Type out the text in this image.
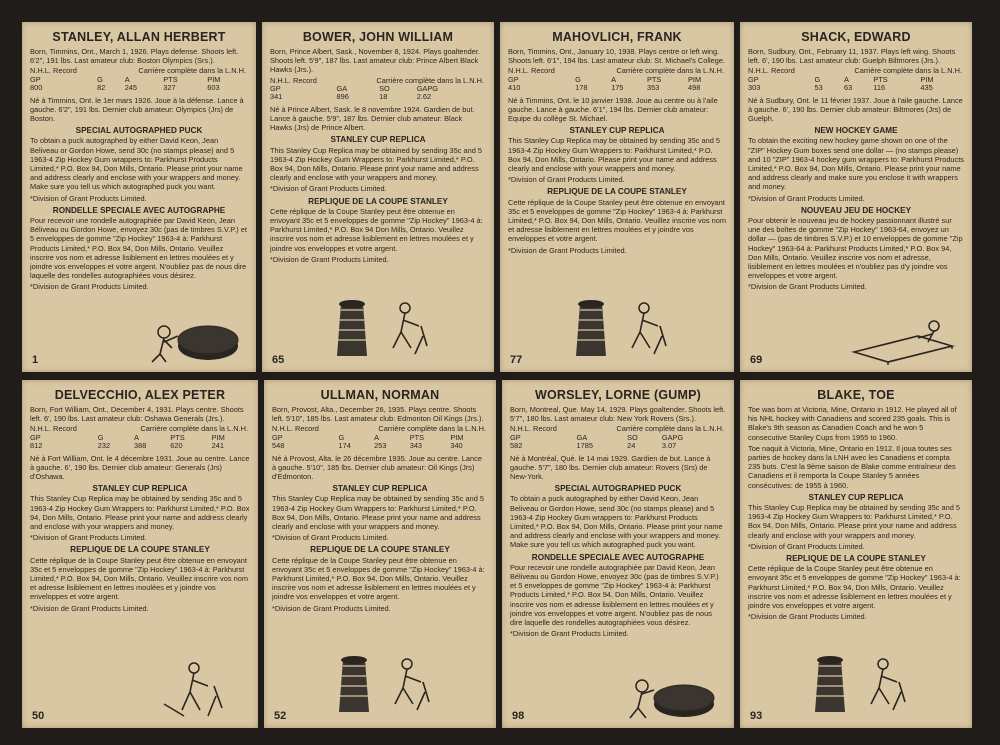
STANLEY, ALLAN HERBERT
Born, Timmins, Ont., March 1, 1926. Plays defense. Shoots left. 6'2", 191 lbs. Last amateur club: Boston Olympics (Srs.).
N.H.L. Record	Carrière complète dans la L.N.H.			
GP	G	A	PTS	PIM
800	82	245	327	603
Né à Timmins, Ont. le 1er mars 1926. Joue à la défense. Lance à gauche. 6'2", 191 lbs. Dernier club amateur: Olympics (Jrs) de Boston.
SPECIAL AUTOGRAPHED PUCK
To obtain a puck autographed by either David Keon, Jean Beliveau or Gordon Howe, send 30c (no stamps please) and 5 1963-4 Zip Hockey Gum wrappers to: Parkhurst Products Limited,* P.O. Box 94, Don Mills, Ontario. Please print your name and address clearly and enclose with your wrappers and money. Make sure you tell us which autographed puck you want.
*Division of Grant Products Limited.
RONDELLE SPECIALE AVEC AUTOGRAPHE
Pour recevoir une rondelle autographiée par David Keon, Jean Béliveau ou Gordon Howe, envoyez 30c (pas de timbres S.V.P.) et 5 enveloppes de gomme "Zip Hockey" 1963-4 à: Parkhurst Products Limited,* P.O. Box 94, Don Mills, Ontario. Veuillez inscrire vos nom et adresse lisiblement en lettres moulées et y joindre vos enveloppes et votre argent. N'oubliez pas de nous dire laquelle des rondelles autographiées vous désirez.
*Division de Grant Products Limited.
1
BOWER, JOHN WILLIAM
Born, Prince Albert, Sask., November 8, 1924. Plays goaltender. Shoots left. 5'9", 187 lbs. Last amateur club: Prince Albert Black Hawks (Jrs.).
N.H.L. Record	Carrière complète dans la L.N.H.		
GP	GA	SO	GAPG
341	896	18	2.62
Né à Prince Albert, Sask. le 8 novembre 1924. Gardien de but. Lance à gauche. 5'9", 187 lbs. Dernier club amateur: Black Hawks (Jrs) de Prince Albert.
STANLEY CUP REPLICA
This Stanley Cup Replica may be obtained by sending 35c and 5 1963-4 Zip Hockey Gum Wrappers to: Parkhurst Limited,* P.O. Box 94, Don Mills, Ontario. Please print your name and address clearly and enclose with your wrappers and money.
*Division of Grant Products Limited.
REPLIQUE DE LA COUPE STANLEY
Cette réplique de la Coupe Stanley peut être obtenue en envoyant 35c et 5 enveloppes de gomme "Zip Hockey" 1963-4 à: Parkhurst Limited,* P.O. Box 94 Don Mills, Ontario. Veuillez inscrire vos nom et adresse lisiblement en lettres moulées et y joindre vos enveloppes et votre argent.
*Division de Grant Products Limited.
65
MAHOVLICH, FRANK
Born, Timmins, Ont., January 10, 1938. Plays centre or left wing. Shoots left. 6'1", 194 lbs. Last amateur club: St. Michael's College.
N.H.L. Record	Carrière complète dans la L.N.H.			
GP	G	A	PTS	PIM
410	178	175	353	498
Né à Timmins, Ont. le 10 janvier 1938. Joue au centre ou à l'aile gauche. Lance à gauche. 6'1", 194 lbs. Dernier club amateur: Equipe du collège St. Michael.
STANLEY CUP REPLICA
This Stanley Cup Replica may be obtained by sending 35c and 5 1963-4 Zip Hockey Gum Wrappers to: Parkhurst Limited,* P.O. Box 94, Don Mills, Ontario. Please print your name and address clearly and enclose with your wrappers and money.
*Division of Grant Products Limited.
REPLIQUE DE LA COUPE STANLEY
Cette réplique de la Coupe Stanley peut être obtenue en envoyant 35c et 5 enveloppes de gomme "Zip Hockey" 1963-4 à: Parkhurst Limited,* P.O. Box 94, Don Mills, Ontario. Veuillez inscrire vos nom et adresse lisiblement en lettres moulées et y joindre vos enveloppes et votre argent.
*Division de Grant Products Limited.
77
SHACK, EDWARD
Born, Sudbury, Ont., February 11, 1937. Plays left wing. Shoots left. 6', 190 lbs. Last amateur club: Guelph Biltmores (Jrs.).
N.H.L. Record	Carrière complète dans la L.N.H.			
GP	G	A	PTS	PIM
303	53	63	116	435
Né à Sudbury, Ont. le 11 février 1937. Joue à l'aile gauche. Lance à gauche. 6', 190 lbs. Dernier club amateur: Biltmores (Jrs) de Guelph.
NEW HOCKEY GAME
To obtain the exciting new hockey game shown on one of the "ZIP" Hockey Gum boxes send one dollar — (no stamps please) and 10 "ZIP" 1963-4 hockey gum wrappers to: Parkhurst Products Limited,* P.O. Box 94, Don Mills, Ontario. Please print your name and address clearly and make sure you enclose it with wrappers and money.
*Division of Grant Products Limited.
NOUVEAU JEU DE HOCKEY
Pour obtenir le nouveau jeu de hockey passionnant illustré sur une des boîtes de gomme "Zip Hockey" 1963-64, envoyez un dollar — (pas de timbres S.V.P.) et 10 enveloppes de gomme "Zip Hockey" 1963-64 à: Parkhurst Products Limited,* P.O. Box 94, Don Mills, Ontario. Veuillez inscrire vos nom et adresse, lisiblement en lettres moulées et n'oubliez pas d'y joindre vos enveloppes et votre argent.
*Division de Grant Products Limited.
69
DELVECCHIO, ALEX PETER
Born, Fort William, Ont., December 4, 1931. Plays centre. Shoots left. 6', 190 lbs. Last amateur club: Oshawa Generals (Jrs.).
N.H.L. Record	Carrière complète dans la L.N.H.			
GP	G	A	PTS	PIM
812	232	388	620	241
Né à Fort William, Ont. le 4 décembre 1931. Joue au centre. Lance à gauche. 6', 190 lbs. Dernier club amateur: Generals (Jrs) d'Oshawa.
STANLEY CUP REPLICA
This Stanley Cup Replica may be obtained by sending 35c and 5 1963-4 Zip Hockey Gum Wrappers to: Parkhurst Limited,* P.O. Box 94, Don Mills, Ontario. Please print your name and address clearly and enclose with your wrappers and money.
*Division of Grant Products Limited.
REPLIQUE DE LA COUPE STANLEY
Cette réplique de la Coupe Stanley peut être obtenue en envoyant 35c et 5 enveloppes de gomme "Zip Hockey" 1963-4 à: Parkhurst Limited,* P.O. Box 94, Don Mills, Ontario. Veuillez inscrire vos nom et adresse lisiblement en lettres moulées et y joindre vos enveloppes et votre argent.
*Division de Grant Products Limited.
50
ULLMAN, NORMAN
Born, Provost, Alta., December 26, 1935. Plays centre. Shoots left. 5'10", 185 lbs. Last amateur club: Edmonton Oil Kings (Jrs.).
N.H.L. Record	Carrière complète dans la L.N.H.			
GP	G	A	PTS	PIM
548	174	253	343	340
Né à Provost, Alta. le 26 décembre 1935. Joue au centre. Lance à gauche. 5'10", 185 lbs. Dernier club amateur: Oil Kings (Jrs) d'Edmonton.
STANLEY CUP REPLICA
This Stanley Cup Replica may be obtained by sending 35c and 5 1963-4 Zip Hockey Gum Wrappers to: Parkhurst Limited,* P.O. Box 94, Don Mills, Ontario. Please print your name and address clearly and enclose with your wrappers and money.
*Division of Grant Products Limited.
REPLIQUE DE LA COUPE STANLEY
Cette réplique de la Coupe Stanley peut être obtenue en envoyant 35c et 5 enveloppes de gomme "Zip Hockey" 1963-4 à: Parkhurst Limited,* P.O. Box 94, Don Mills, Ontario. Veuillez inscrire vos nom et adresse lisiblement en lettres moulées et y joindre vos enveloppes et votre argent.
*Division de Grant Products Limited.
52
WORSLEY, LORNE (GUMP)
Born, Montreal, Que. May 14, 1929. Plays goaltender. Shoots left. 5'7", 180 lbs. Last amateur club: New York Rovers (Srs.).
N.H.L. Record	Carrière complète dans la L.N.H.		
GP	GA	SO	GAPG
582	1785	24	3.07
Né à Montréal, Qué. le 14 mai 1929. Gardien de but. Lance à gauche. 5'7", 180 lbs. Dernier club amateur: Rovers (Srs) de New-York.
SPECIAL AUTOGRAPHED PUCK
To obtain a puck autographed by either David Keon, Jean Beliveau or Gordon Howe, send 30c (no stamps please) and 5 1963-4 Zip Hockey Gum wrappers to: Parkhurst Products Limited,* P.O. Box 94, Don Mills, Ontario. Please print your name and address clearly and enclose with your wrappers and money. Make sure you tell us which autographed puck you want.
RONDELLE SPECIALE AVEC AUTOGRAPHE
Pour recevoir une rondelle autographiée par David Keon, Jean Béliveau ou Gordon Howe, envoyez 30c (pas de timbres S.V.P.) et 5 enveloppes de gomme "Zip Hockey" 1963-4 à: Parkhurst Products Limited,* P.O. Box 94, Don Mills, Ontario. Veuillez inscrire vos nom et adresse lisiblement en lettres moulées et y joindre vos enveloppes et votre argent. N'oubliez pas de nous dire laquelle des rondelles autographiées vous désirez.
*Division de Grant Products Limited.
98
BLAKE, TOE
Toe was born at Victoria, Mine, Ontario in 1912. He played all of his NHL hockey with Canadiens and scored 235 goals. This is Blake's 9th season as Canadien Coach and he won 5 consecutive Stanley Cups from 1955 to 1960.
Toe naquit à Victoria, Mine, Ontario en 1912. Il joua toutes ses parties de hockey dans la LNH avec les Canadiens et compta 235 buts. C'est la 9ème saison de Blake comme entraîneur des Canadiens et il remporta la Coupe Stanley 5 années consécutives: de 1955 à 1960.
STANLEY CUP REPLICA
This Stanley Cup Replica may be obtained by sending 35c and 5 1963-4 Zip Hockey Gum Wrappers to: Parkhurst Limited,* P.O. Box 94, Don Mills, Ontario. Please print your name and address clearly and enclose with your wrappers and money.
*Division of Grant Products Limited.
REPLIQUE DE LA COUPE STANLEY
Cette réplique de la Coupe Stanley peut être obtenue en envoyant 35c et 5 enveloppes de gomme "Zip Hockey" 1963-4 à: Parkhurst Limited,* P.O. Box 94, Don Mills, Ontario. Veuillez inscrire vos nom et adresse lisiblement en lettres moulées et y joindre vos enveloppes et votre argent.
*Division de Grant Products Limited.
93
